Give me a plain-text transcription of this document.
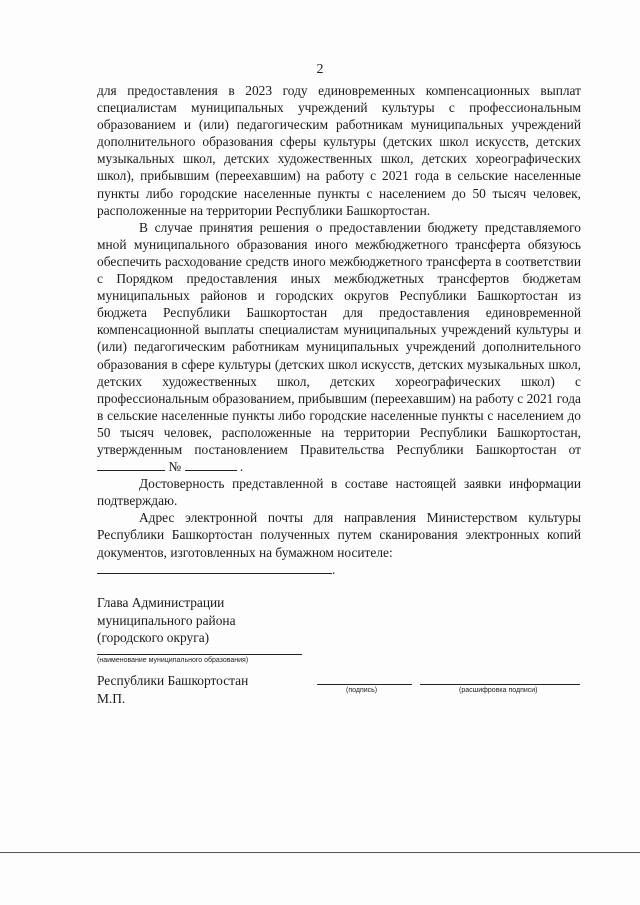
2

для предоставления в 2023 году единовременных компенсационных выплат специалистам муниципальных учреждений культуры с профессиональным образованием и (или) педагогическим работникам муниципальных учреждений дополнительного образования сферы культуры (детских школ искусств, детских музыкальных школ, детских художественных школ, детских хореографических школ), прибывшим (переехавшим) на работу с 2021 года в сельские населенные пункты либо городские населенные пункты с населением до 50 тысяч человек, расположенные на территории Республики Башкортостан.

В случае принятия решения о предоставлении бюджету представляемого мной муниципального образования иного межбюджетного трансферта обязуюсь обеспечить расходование средств иного межбюджетного трансферта в соответствии с Порядком предоставления иных межбюджетных трансфертов бюджетам муниципальных районов и городских округов Республики Башкортостан из бюджета Республики Башкортостан для предоставления единовременной компенсационной выплаты специалистам муниципальных учреждений культуры и (или) педагогическим работникам муниципальных учреждений дополнительного образования в сфере культуры (детских школ искусств, детских музыкальных школ, детских художественных школ, детских хореографических школ) с профессиональным образованием, прибывшим (переехавшим) на работу с 2021 года в сельские населенные пункты либо городские населенные пункты с населением до 50 тысяч человек, расположенные на территории Республики Башкортостан, утвержденным постановлением Правительства Республики Башкортостан от  №	.

Достоверность представленной в составе настоящей заявки информации подтверждаю.

Адрес электронной почты для направления Министерством культуры Республики Башкортостан полученных путем сканирования электронных копий документов, изготовленных на бумажном носителе:
.

Глава Администрации
муниципального района
(городского округа)
(наименование муниципального образования)
Республики Башкортостан
М.П.	(подпись)	(расшифровка подписи)
